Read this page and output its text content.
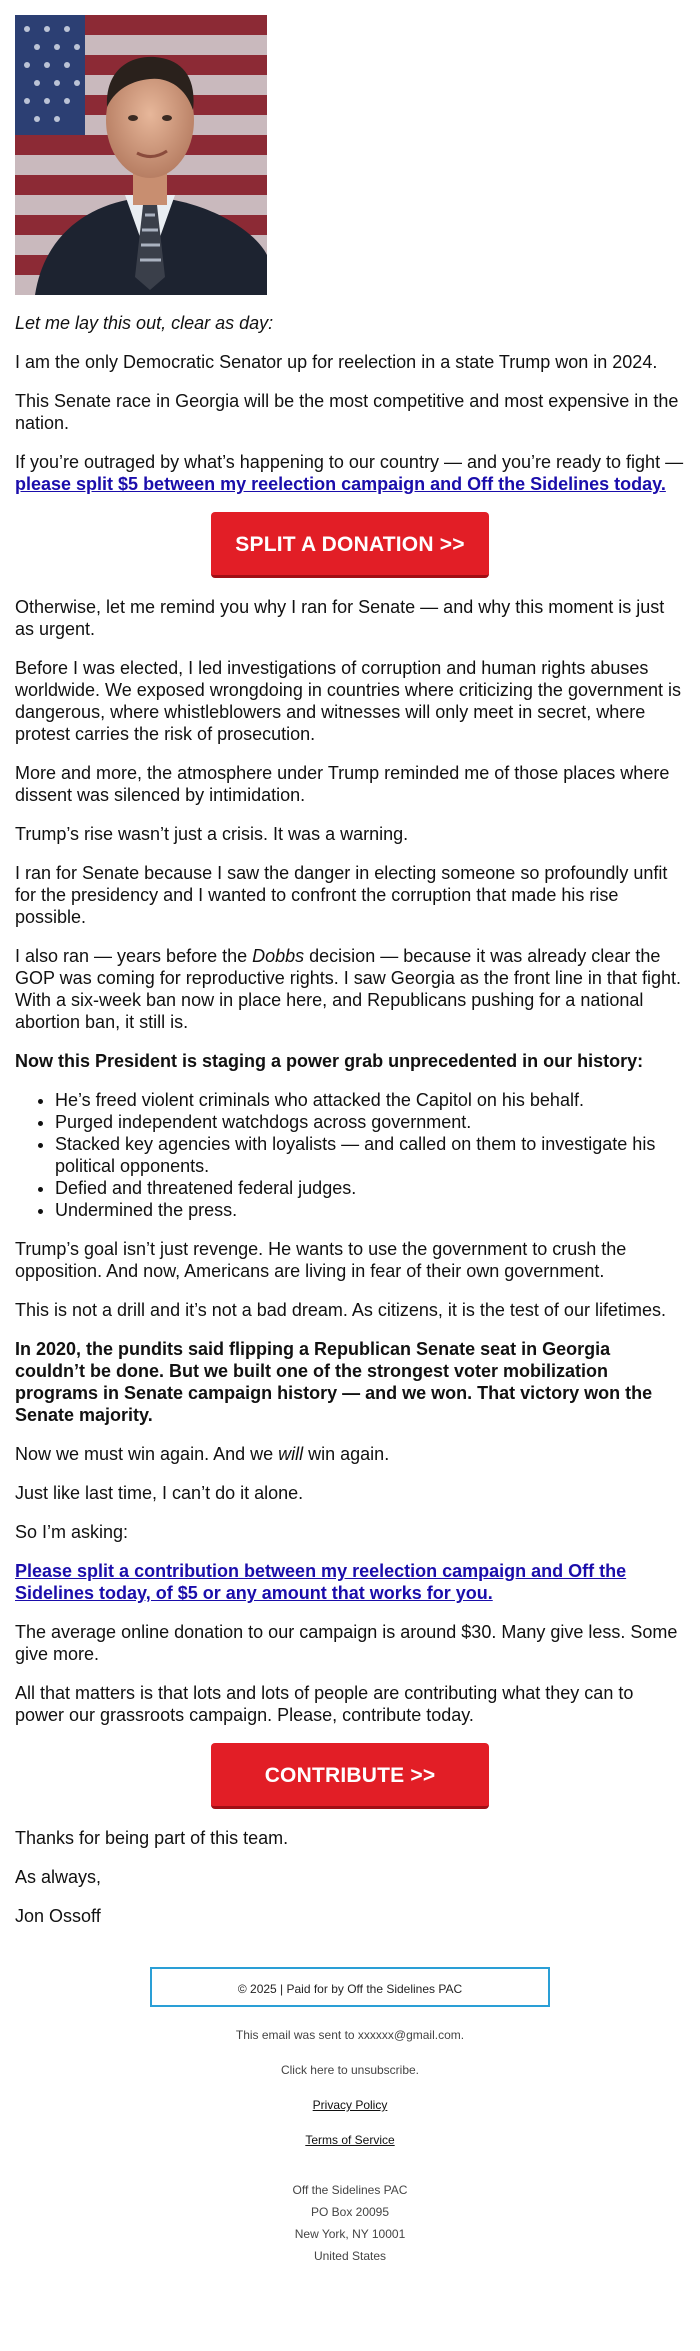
Let me lay this out, clear as day:

I am the only Democratic Senator up for reelection in a state Trump won in 2024.

This Senate race in Georgia will be the most competitive and most expensive in the nation.

If you’re outraged by what’s happening to our country — and you’re ready to fight — please split $5 between my reelection campaign and Off the Sidelines today.

SPLIT A DONATION >>

Otherwise, let me remind you why I ran for Senate — and why this moment is just as urgent.

Before I was elected, I led investigations of corruption and human rights abuses worldwide. We exposed wrongdoing in countries where criticizing the government is dangerous, where whistleblowers and witnesses will only meet in secret, where protest carries the risk of prosecution.

More and more, the atmosphere under Trump reminded me of those places where dissent was silenced by intimidation.

Trump’s rise wasn’t just a crisis. It was a warning.

I ran for Senate because I saw the danger in electing someone so profoundly unfit for the presidency and I wanted to confront the corruption that made his rise possible.

I also ran — years before the Dobbs decision — because it was already clear the GOP was coming for reproductive rights. I saw Georgia as the front line in that fight. With a six-week ban now in place here, and Republicans pushing for a national abortion ban, it still is.

Now this President is staging a power grab unprecedented in our history:

• He’s freed violent criminals who attacked the Capitol on his behalf.
• Purged independent watchdogs across government.
• Stacked key agencies with loyalists — and called on them to investigate his political opponents.
• Defied and threatened federal judges.
• Undermined the press.

Trump’s goal isn’t just revenge. He wants to use the government to crush the opposition. And now, Americans are living in fear of their own government.

This is not a drill and it’s not a bad dream. As citizens, it is the test of our lifetimes.

In 2020, the pundits said flipping a Republican Senate seat in Georgia couldn’t be done. But we built one of the strongest voter mobilization programs in Senate campaign history — and we won. That victory won the Senate majority.

Now we must win again. And we will win again.

Just like last time, I can’t do it alone.

So I’m asking:

Please split a contribution between my reelection campaign and Off the Sidelines today, of $5 or any amount that works for you.

The average online donation to our campaign is around $30. Many give less. Some give more.

All that matters is that lots and lots of people are contributing what they can to power our grassroots campaign. Please, contribute today.

CONTRIBUTE >>

Thanks for being part of this team.

As always,

Jon Ossoff

© 2025 | Paid for by Off the Sidelines PAC
This email was sent to xxxxxx@gmail.com.
Click here to unsubscribe.
Privacy Policy
Terms of Service
Off the Sidelines PAC
PO Box 20095
New York, NY 10001
United States
